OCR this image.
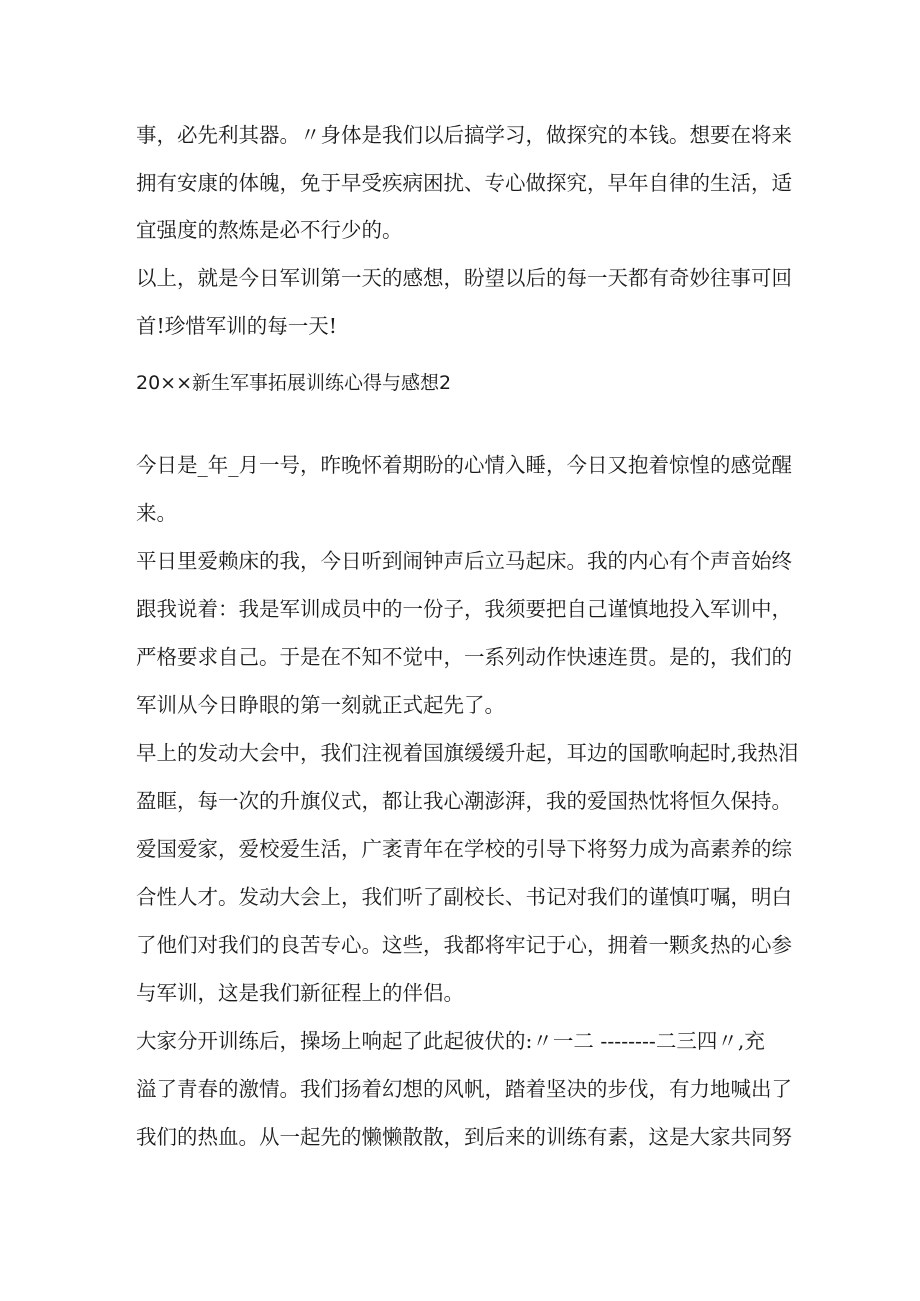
事，必先利其器。〃身体是我们以后搞学习，做探究的本钱。想要在将来

拥有安康的体魄，免于早受疾病困扰、专心做探究，早年自律的生活，适

宜强度的熬炼是必不行少的。

以上，就是今日军训第一天的感想，盼望以后的每一天都有奇妙往事可回

首!珍惜军训的每一天!

20××新生军事拓展训练心得与感想2

今日是_年_月一号，昨晚怀着期盼的心情入睡，今日又抱着惊惶的感觉醒

来。

平日里爱赖床的我，今日听到闹钟声后立马起床。我的内心有个声音始终

跟我说着：我是军训成员中的一份子，我须要把自己谨慎地投入军训中，

严格要求自己。于是在不知不觉中，一系列动作快速连贯。是的，我们的

军训从今日睁眼的第一刻就正式起先了。

早上的发动大会中，我们注视着国旗缓缓升起，耳边的国歌响起时,我热泪

盈眶，每一次的升旗仪式，都让我心潮澎湃，我的爱国热忱将恒久保持。

爱国爱家，爱校爱生活，广袤青年在学校的引导下将努力成为高素养的综

合性人才。发动大会上，我们听了副校长、书记对我们的谨慎叮嘱，明白

了他们对我们的良苦专心。这些，我都将牢记于心，拥着一颗炙热的心参

与军训，这是我们新征程上的伴侣。

大家分开训练后，操场上响起了此起彼伏的:〃一二 --------二三四〃,充

溢了青春的激情。我们扬着幻想的风帆，踏着坚决的步伐，有力地喊出了

我们的热血。从一起先的懒懒散散，到后来的训练有素，这是大家共同努
